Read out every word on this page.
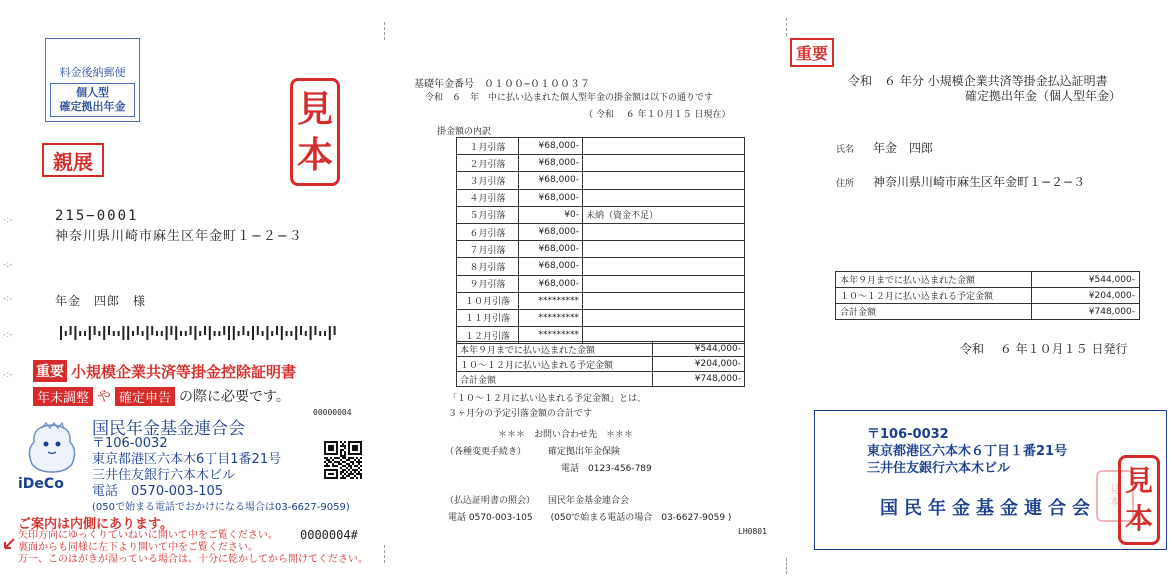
料金後納郵便
個人型
確定拠出年金	見
本
親展
215−0001
神奈川県川崎市麻生区年金町１−２−３
年金　四郎　様
-:-
-:-
-:-
-:-
-:- 重要 小規模企業共済等掛金控除証明書
年末調整 や 確定申告 の際に必要です。
00000004
iDeCo
国民年金基金連合会
〒106-0032
東京都港区六本木6丁目1番21号
三井住友銀行六本木ビル
電話　0570-003-105
(050で始まる電話でおかけになる場合は03-6627-9059)
ご案内は内側にあります。
矢印方向にゆっくりていねいに開いて中をご覧ください。
裏面からも同様に左下より開いて中をご覧ください。
万一、このはがきが湿っている場合は、十分に乾かしてから開けてください。
0000004#
基礎年金番号　０１００−０１００３７
令和　６　年　中に払い込まれた個人型年金の掛金額は以下の通りです
（ 令和　 ６ 年１０月１５ 日現在）
掛金額の内訳
１月引落	¥68,000-	
２月引落	¥68,000-	
３月引落	¥68,000-	
４月引落	¥68,000-	
５月引落	¥0-	未納（資金不足）
６月引落	¥68,000-	
７月引落	¥68,000-	
８月引落	¥68,000-	
９月引落	¥68,000-	
１０月引落	*********	
１１月引落	*********	
１２月引落	*********	
本年９月までに払い込まれた金額	¥544,000-
１０〜１２月に払い込まれる予定金額	¥204,000-
合計金額	¥748,000-
「１０〜１２月に払い込まれる予定金額」とは、
３ヶ月分の予定引落金額の合計です
＊＊＊　お問い合わせ先　＊＊＊
（各種変更手続き） 確定拠出年金保険
電話　0123-456-789
（払込証明書の照会） 国民年金基金連合会
電話 0570-003-105　　(050で始まる電話の場合　03-6627-9059 )
LH0801
重要
令和　６ 年分 小規模企業共済等掛金払込証明書
確定拠出年金（個人型年金）
氏名 年金　四郎
住所 神奈川県川崎市麻生区年金町１−２−３
本年９月までに払い込まれた金額	¥544,000-
１０〜１２月に払い込まれる予定金額	¥204,000-
合計金額	¥748,000-
令和　 ６ 年１０月１５ 日発行
〒106-0032
東京都港区六本木６丁目１番21号
三井住友銀行六本木ビル
国民年金基金連合会
見
本
見
本
